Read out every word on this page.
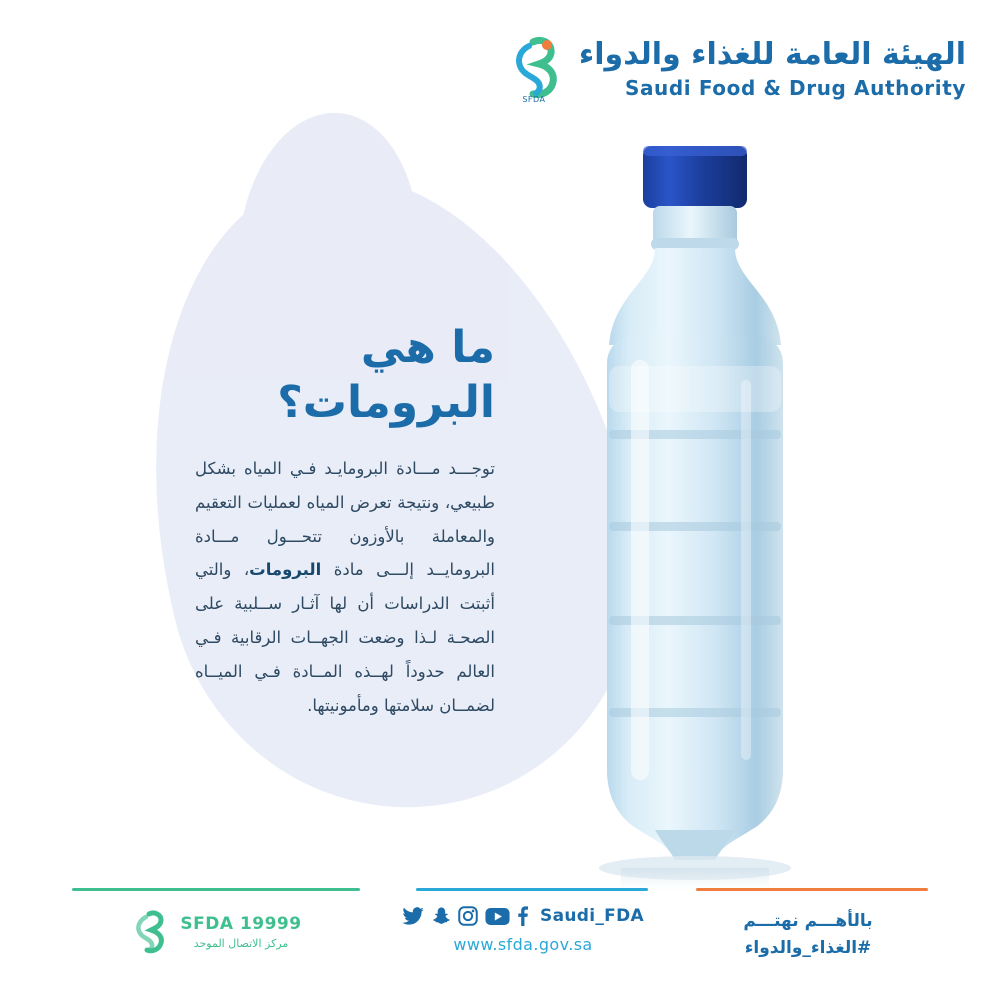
الهيئة العامة للغذاء والدواء
Saudi Food & Drug Authority
SFDA
ما هي
البرومات؟

توجـــد مـــادة البرومايـد فـي المياه بشكل طبيعي، ونتيجة تعرض المياه لعمليات التعقيم والمعاملة بالأوزون تتحـــول مـــادة البرومايــد إلـــى مادة البرومات، والتي أثبتت الدراسات أن لها آثـار ســلبية على الصحـة لـذا وضعت الجهــات الرقابية فـي العالم حدوداً لهــذه المــادة فـي الميــاه لضمــان سلامتها ومأمونيتها.

بالأهـــم نهتـــم
#الغذاء_والدواء
Saudi_FDA
www.sfda.gov.sa
SFDA 19999
مركز الاتصال الموحد
